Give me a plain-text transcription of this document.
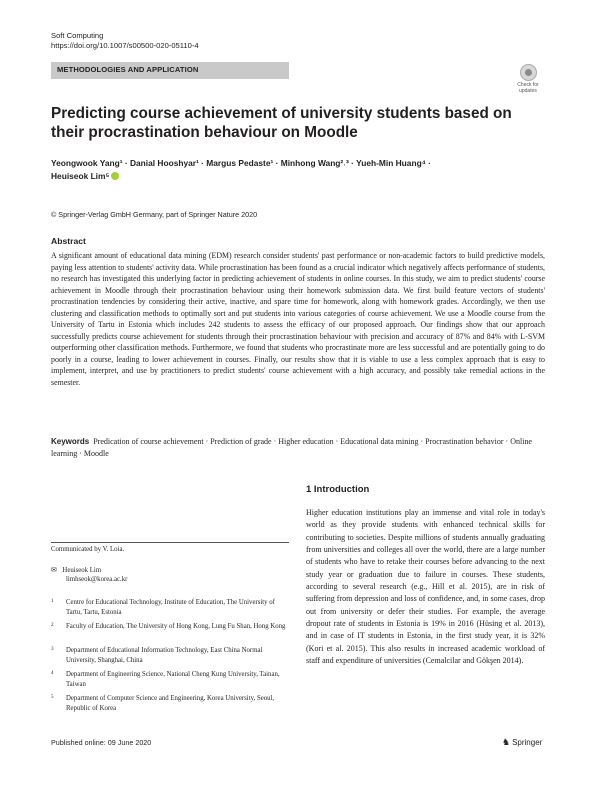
Soft Computing
https://doi.org/10.1007/s00500-020-05110-4
METHODOLOGIES AND APPLICATION
Check for
updates
Predicting course achievement of university students based on their procrastination behaviour on Moodle
Yeongwook Yang¹ · Danial Hooshyar¹ · Margus Pedaste¹ · Minhong Wang²˒³ · Yueh-Min Huang⁴ ·
Heuiseok Lim⁵
© Springer-Verlag GmbH Germany, part of Springer Nature 2020
Abstract
A significant amount of educational data mining (EDM) research consider students' past performance or non-academic factors to build predictive models, paying less attention to students' activity data. While procrastination has been found as a crucial indicator which negatively affects performance of students, no research has investigated this underlying factor in predicting achievement of students in online courses. In this study, we aim to predict students' course achievement in Moodle through their procrastination behaviour using their homework submission data. We first build feature vectors of students' procrastination tendencies by considering their active, inactive, and spare time for homework, along with homework grades. Accordingly, we then use clustering and classification methods to optimally sort and put students into various categories of course achievement. We use a Moodle course from the University of Tartu in Estonia which includes 242 students to assess the efficacy of our proposed approach. Our findings show that our approach successfully predicts course achievement for students through their procrastination behaviour with precision and accuracy of 87% and 84% with L-SVM outperforming other classification methods. Furthermore, we found that students who procrastinate more are less successful and are potentially going to do poorly in a course, leading to lower achievement in courses. Finally, our results show that it is viable to use a less complex approach that is easy to implement, interpret, and use by practitioners to predict students' course achievement with a high accuracy, and possibly take remedial actions in the semester.
Keywords Predication of course achievement · Prediction of grade · Higher education · Educational data mining · Procrastination behavior · Online learning · Moodle
1 Introduction
Higher education institutions play an immense and vital role in today's world as they provide students with enhanced technical skills for contributing to societies. Despite millions of students annually graduating from universities and colleges all over the world, there are a large number of students who have to retake their courses before advancing to the next study year or graduation due to failure in courses. These students, according to several research (e.g., Hill et al. 2015), are in risk of suffering from depression and loss of confidence, and, in some cases, drop out from university or defer their studies. For example, the average dropout rate of students in Estonia is 19% in 2016 (Hüsing et al. 2013), and in case of IT students in Estonia, in the first study year, it is 32% (Kori et al. 2015). This also results in increased academic workload of staff and expenditure of universities (Cemalcilar and Gökşen 2014).
Communicated by V. Loia.
✉ Heuiseok Lim
limhseok@korea.ac.kr
1 Centre for Educational Technology, Institute of Education, The University of Tartu, Tartu, Estonia
2 Faculty of Education, The University of Hong Kong, Lung Fu Shan, Hong Kong
3 Department of Educational Information Technology, East China Normal University, Shanghai, China
4 Department of Engineering Science, National Cheng Kung University, Tainan, Taiwan
5 Department of Computer Science and Engineering, Korea University, Seoul, Republic of Korea
Published online: 09 June 2020	♞ Springer
